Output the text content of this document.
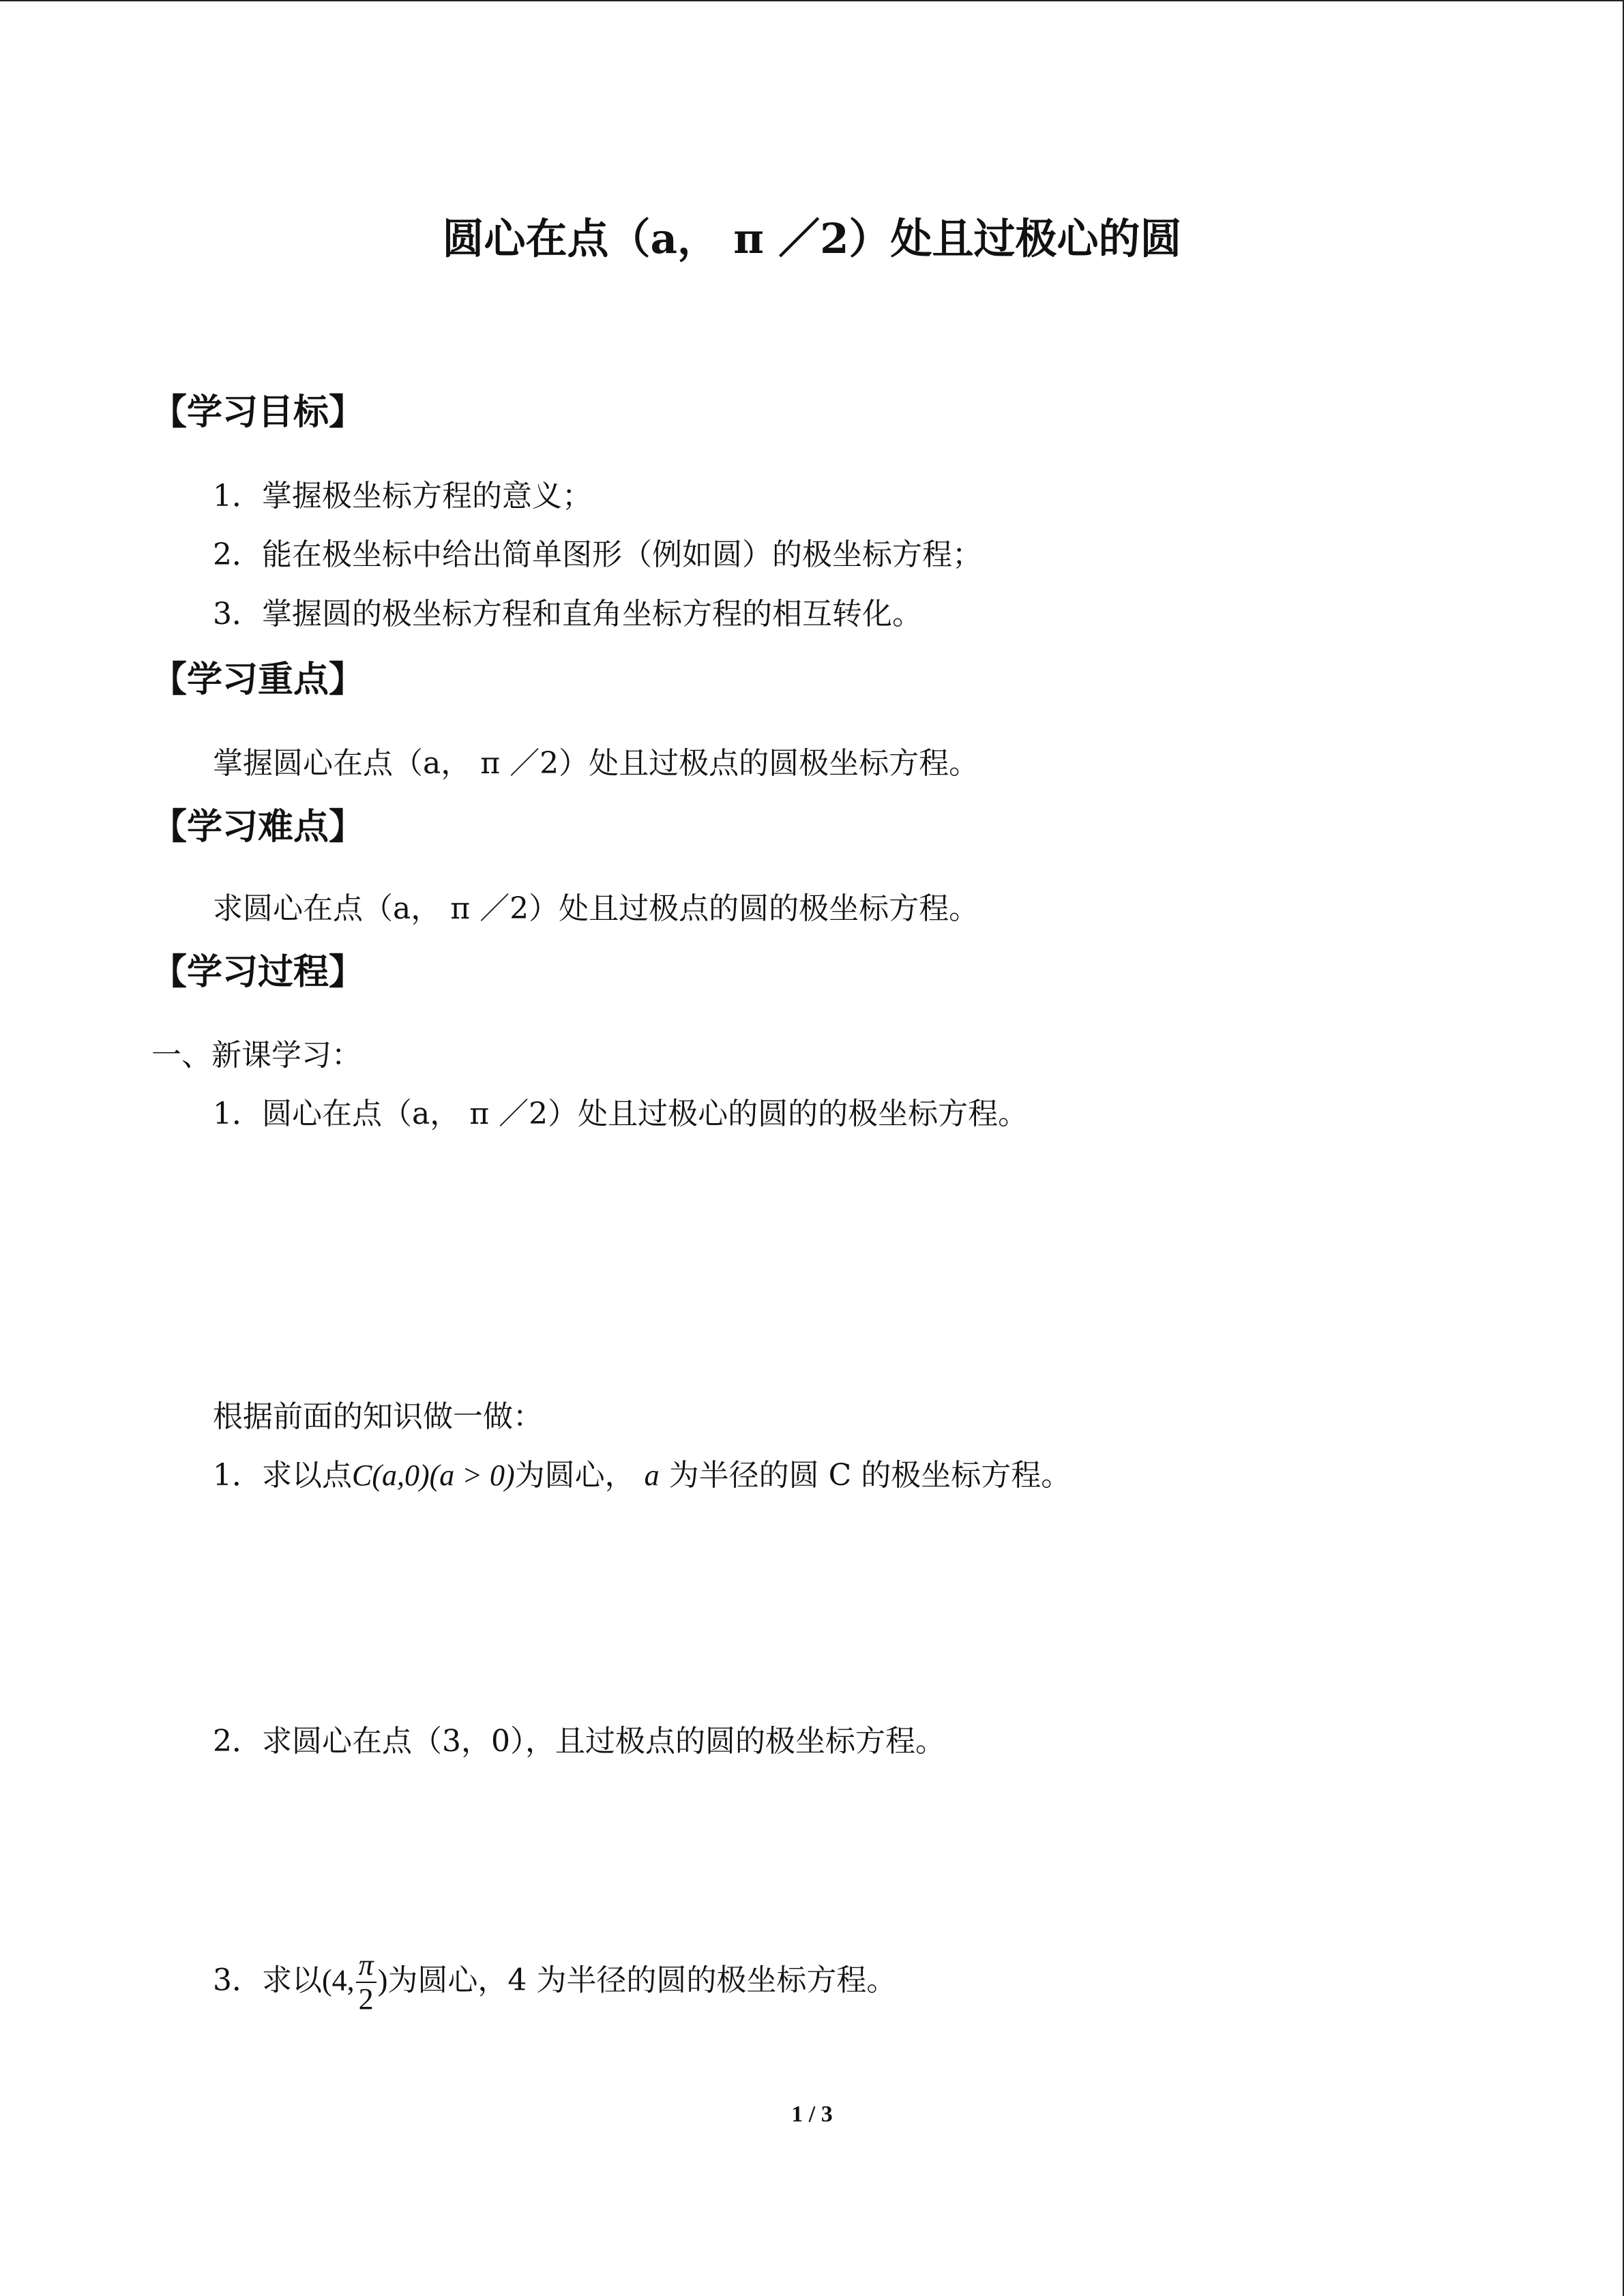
圆心在点（a， π ／2）处且过极心的圆
【学习目标】
1．掌握极坐标方程的意义；
2．能在极坐标中给出简单图形（例如圆）的极坐标方程；
3．掌握圆的极坐标方程和直角坐标方程的相互转化。
【学习重点】
掌握圆心在点（a， π ／2）处且过极点的圆极坐标方程。
【学习难点】
求圆心在点（a， π ／2）处且过极点的圆的极坐标方程。
【学习过程】
一、新课学习：
1．圆心在点（a， π ／2）处且过极心的圆的的极坐标方程。
根据前面的知识做一做：
1．求以点C(a,0)(a > 0)为圆心， a 为半径的圆 C 的极坐标方程。
2．求圆心在点（3，0），且过极点的圆的极坐标方程。
3．求以(4, $\frac{\pi}{2}$ )为圆心，4 为半径的圆的极坐标方程。
1 / 3
